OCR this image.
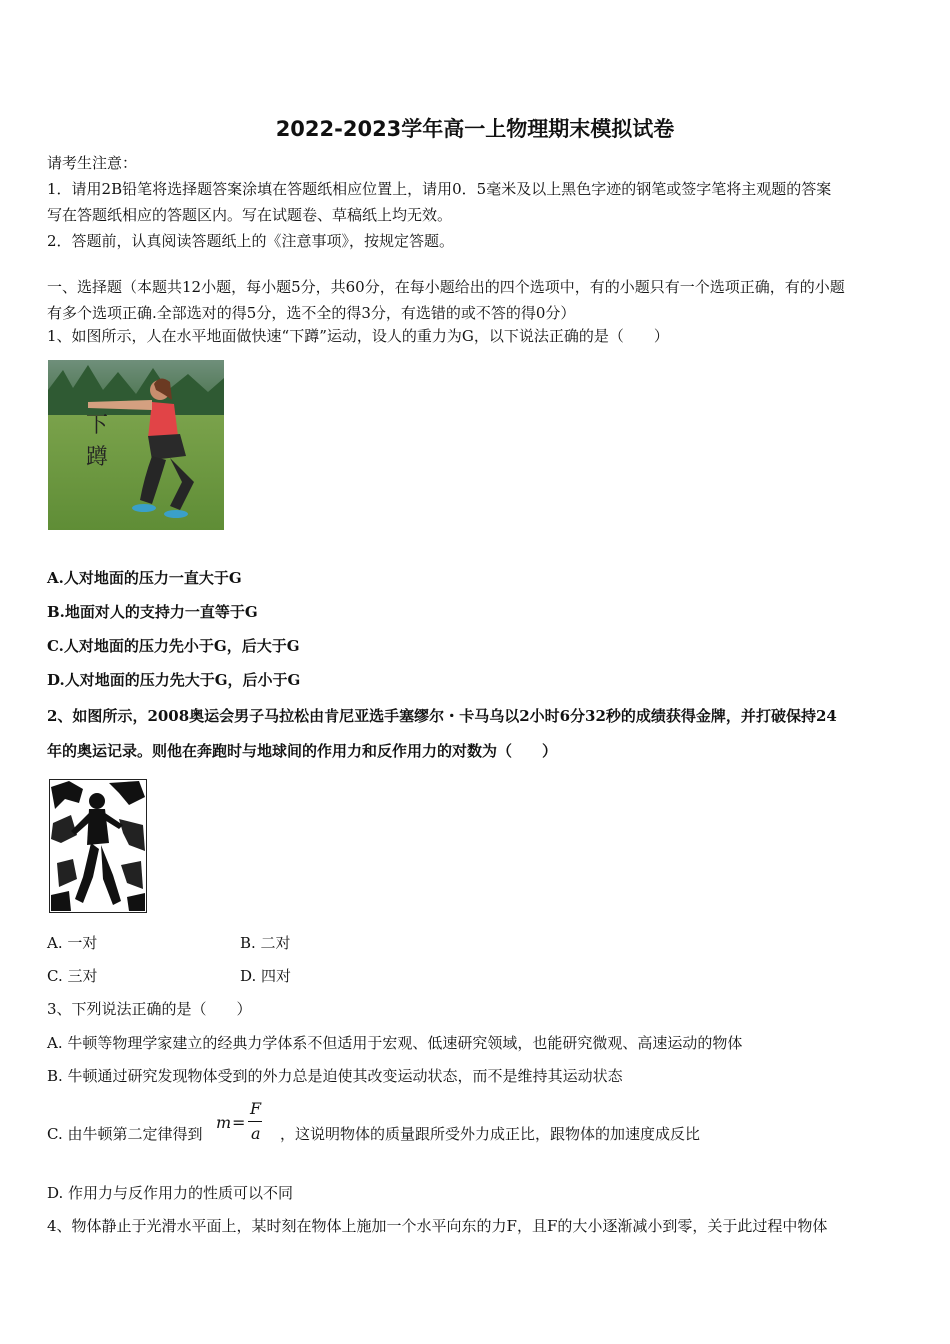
2022-2023学年高一上物理期末模拟试卷
请考生注意：
1．请用2B铅笔将选择题答案涂填在答题纸相应位置上，请用0．5毫米及以上黑色字迹的钢笔或签字笔将主观题的答案
写在答题纸相应的答题区内。写在试题卷、草稿纸上均无效。
2．答题前，认真阅读答题纸上的《注意事项》，按规定答题。
一、选择题（本题共12小题，每小题5分，共60分，在每小题给出的四个选项中，有的小题只有一个选项正确，有的小题
有多个选项正确.全部选对的得5分，选不全的得3分，有选错的或不答的得0分）
1、如图所示，人在水平地面做快速“下蹲”运动，设人的重力为G，以下说法正确的是（　　）
下
蹲
A.人对地面的压力一直大于G
B.地面对人的支持力一直等于G
C.人对地面的压力先小于G，后大于G
D.人对地面的压力先大于G，后小于G
2、如图所示，2008奥运会男子马拉松由肯尼亚选手塞缪尔・卡马乌以2小时6分32秒的成绩获得金牌，并打破保持24
年的奥运记录。则他在奔跑时与地球间的作用力和反作用力的对数为（　　）
A. 一对	B. 二对
C. 三对	D. 四对
3、下列说法正确的是（　　）
A. 牛顿等物理学家建立的经典力学体系不但适用于宏观、低速研究领域，也能研究微观、高速运动的物体
B. 牛顿通过研究发现物体受到的外力总是迫使其改变运动状态，而不是维持其运动状态
C. 由牛顿第二定律得到
m =
F
a ，这说明物体的质量跟所受外力成正比，跟物体的加速度成反比
D. 作用力与反作用力的性质可以不同
4、物体静止于光滑水平面上，某时刻在物体上施加一个水平向东的力F，且F的大小逐渐减小到零，关于此过程中物体
